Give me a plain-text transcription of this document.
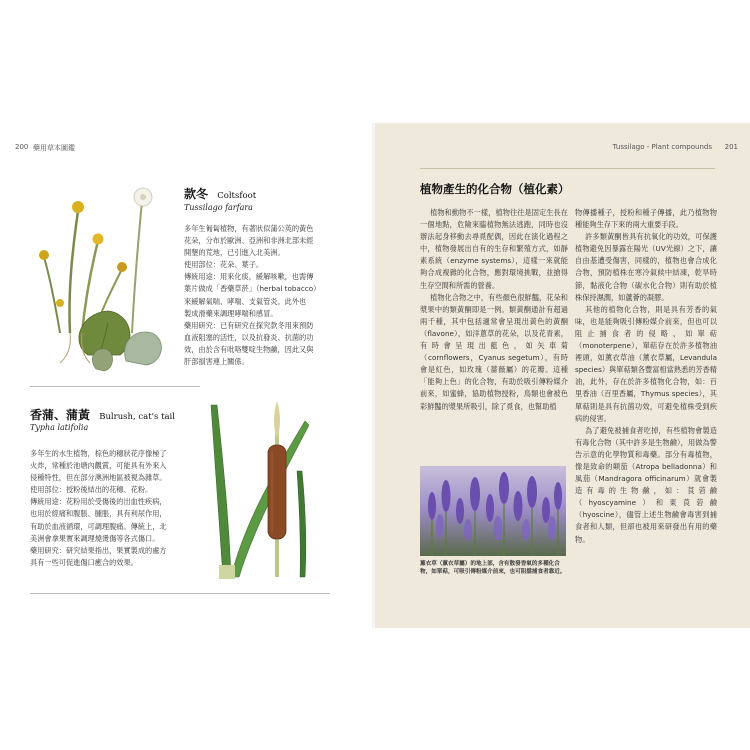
200 藥用草本圖鑑
款冬 Coltsfoot
Tussilago farfara

多年生匍匐植物，有著狀似蒲公英的黃色

花朵，分布於歐洲、亞洲和非洲北部未經

開墾的荒地，已引進入北美洲。

使用部位：花朵、葉子。

傳統用途：用來化痰，緩解咳嗽，也需傳

葉片做成「香藥草菸」（herbal tobacco）

來緩解氣喘、哮喘、支氣管炎。此外也

製成滑藥來調理哮喘和感冒。

藥用研究：已有研究在探究款冬用來預防

血液阻塞的活性，以及抗發炎、抗菌的功

效，由於含有吡咯雙啶生物鹼，因此又與

肝部損害連上關係。

香蒲、蒲黃 Bulrush, cat's tail
Typha latifolia

多年生的水生植物，棕色的穗狀花序像極了

火炸，常種於池塘內觀賞，可能具有外來入

侵種特性，但在部分澳洲地區被視為雜草。

使用部位：授粉後結出的花穗、花粉。

傳統用途：花粉用於受傷後的出血性疾病，

也用於經痛和腹脹、腫脹，具有利尿作用，

有助於血液循環，可調理腹痛。傳統上，北

美洲會拿果實來調理燒燙傷等各式傷口。

藥用研究：研究結果指出，果實製成的處方

具有一些可促進傷口癒合的效果。

Tussilago - Plant compounds 201
植物產生的化合物（植化素）

植物和動物不一樣，植物往往是固定生長在一個地點，危險來臨植物無法逃跑，同時也沒辦法起身移動去尋覓配偶，因此在演化過程之中，植物發展出自有的生存和繁殖方式，如靜素系統（enzyme systems），這樣一來就能夠合成複雜的化合物，應對環境挑戰，並搶得生存空間和所需的營養。

植物化合物之中，有些顏色很鮮豔，花朵和漿果中的類黃酮即是一例。類黃酮通計有超過兩千種，其中包括適常會呈現出黃色的黃酮（flavone），如洋蔥草的花朵，以及花青素，有時會呈現出藍色，如矢車菊（cornflowers，Cyanus segetum），有時會是紅色，如玫瑰（薔薇屬）的花瓣。這種「能夠上色」的化合物，有助於吸引傳粉媒介前來，如蜜蜂，協助植物授粉，鳥類也會被色彩鮮豔的漿果所吸引，除了覓食，也幫助植

薰衣草（薰衣草屬）的地上部，含有散發香氣的多種化合物，如單萜，可吸引傳粉媒介前來，也可阻擋捕食者靠近。

物傳播種子，授粉和種子傳播，此乃植物物種能夠生存下來的兩大重要手段。

許多類黃酮皆具有抗氧化的功效，可保護植物避免因暴露在陽光（UV光線）之下，讓自由基遭受傷害，同樣的，植物也會合成化合物，預防植株在寒冷氣候中結凍，乾旱時節，黏液化合物（碳水化合物）則有助於植株保持濕潤，如蘆薈的凝膠。

其他的植物化合物，則是具有芳香的氣味，也是能夠吸引傳粉媒介前來，但也可以阻止捕食者的侵略，如單萜（monoterpene），單萜存在於許多植物油裡頭，如薰衣草油（薰衣草屬，Levandula species）與單萜類各豐富相當熟悉的芳香精油，此外，存在於許多植物化合物，如：百里香油（百里香屬，Thymus species），其單萜則是具有抗菌功效，可避免植株受到疾病的侵害。

為了避免被捕食者吃掉，有些植物會製造有毒化合物（其中許多是生物鹼），用做為警告示意的化學物質和毒藥。部分有毒植物，像是致命的顛茄（Atropa belladonna）和風茄（Mandragora officinarum）就會製造有毒的生物鹼，如：莨菪鹼（hyoscyamine）和東莨菪鹼（hyoscine），儘管上述生物鹼會毒害到捕食者和人類，但卻也被用來研發出有用的藥物。
